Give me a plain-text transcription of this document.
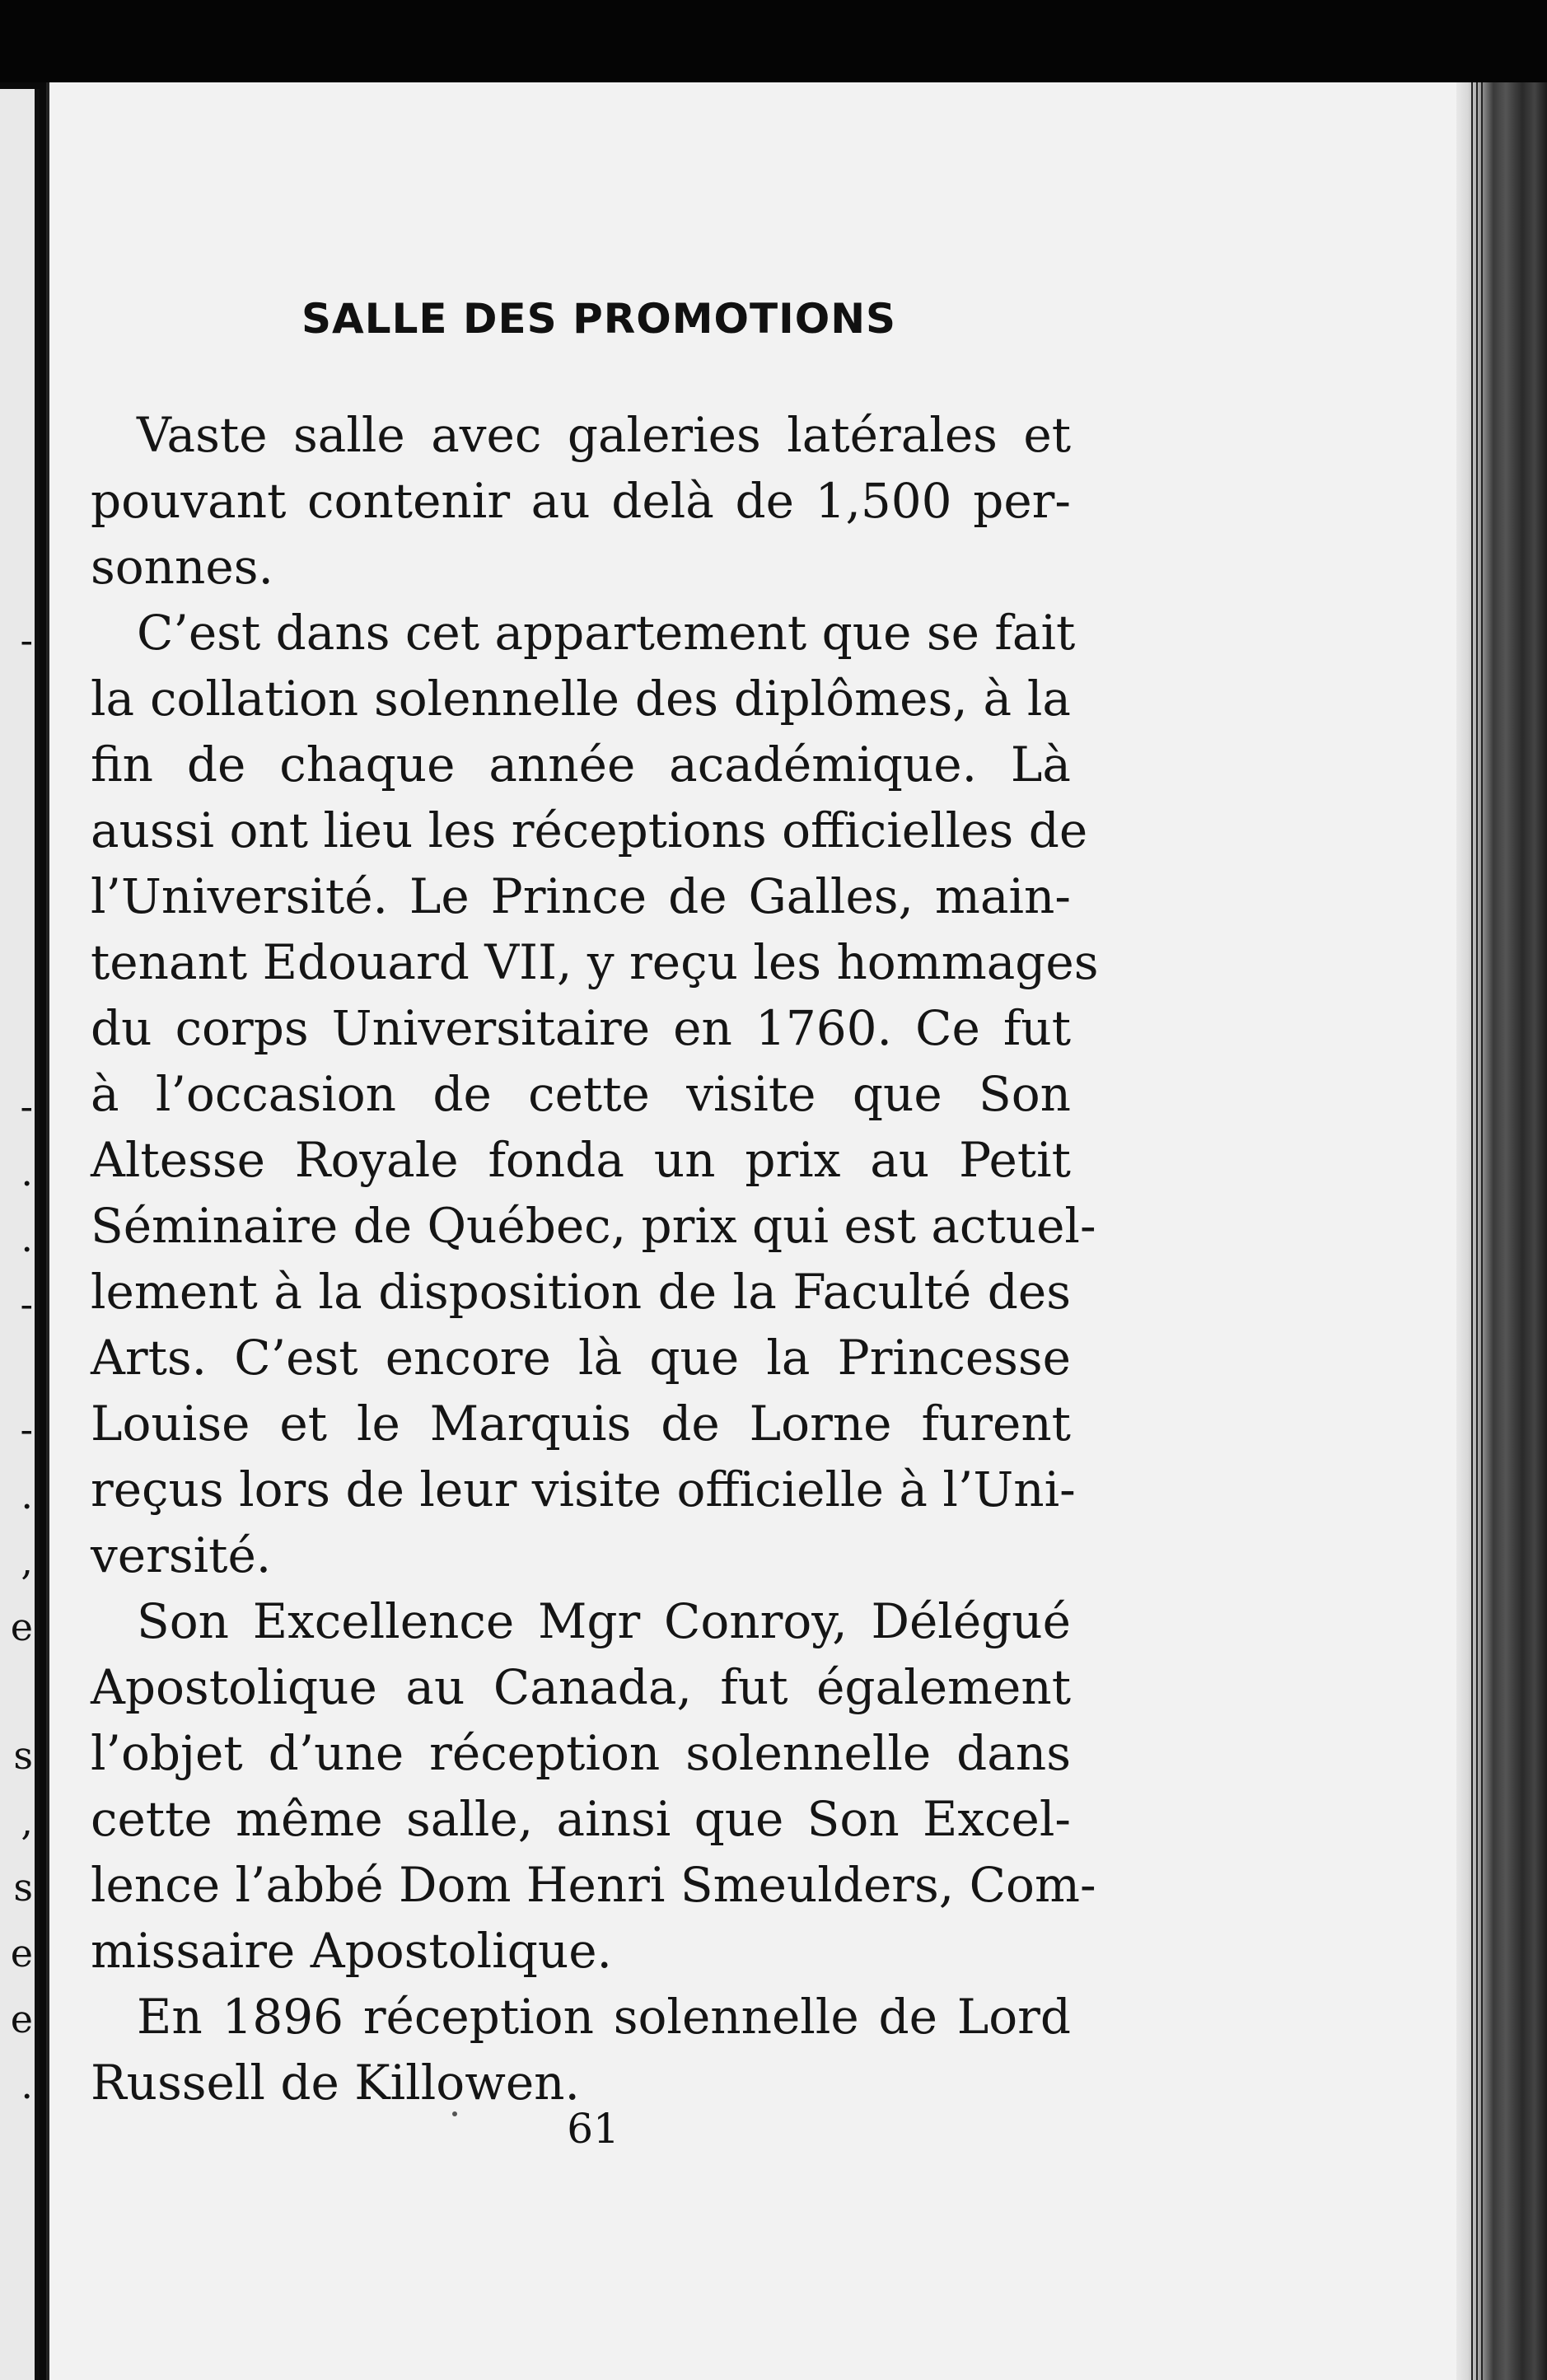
-
-
.
.
-
-
.
,
e
s
,
s
e
e
.
SALLE DES PROMOTIONS
Vaste salle avec galeries latérales et
pouvant contenir au delà de 1,500 per-
sonnes.
C’est dans cet appartement que se fait
la collation solennelle des diplômes, à la
fin de chaque année académique. Là
aussi ont lieu les réceptions officielles de
l’Université. Le Prince de Galles, main-
tenant Edouard VII, y reçu les hommages
du corps Universitaire en 1760. Ce fut
à l’occasion de cette visite que Son
Altesse Royale fonda un prix au Petit
Séminaire de Québec, prix qui est actuel-
lement à la disposition de la Faculté des
Arts. C’est encore là que la Princesse
Louise et le Marquis de Lorne furent
reçus lors de leur visite officielle à l’Uni-
versité.
Son Excellence Mgr Conroy, Délégué
Apostolique au Canada, fut également
l’objet d’une réception solennelle dans
cette même salle, ainsi que Son Excel-
lence l’abbé Dom Henri Smeulders, Com-
missaire Apostolique.
En 1896 réception solennelle de Lord
Russell de Killowen.
61
